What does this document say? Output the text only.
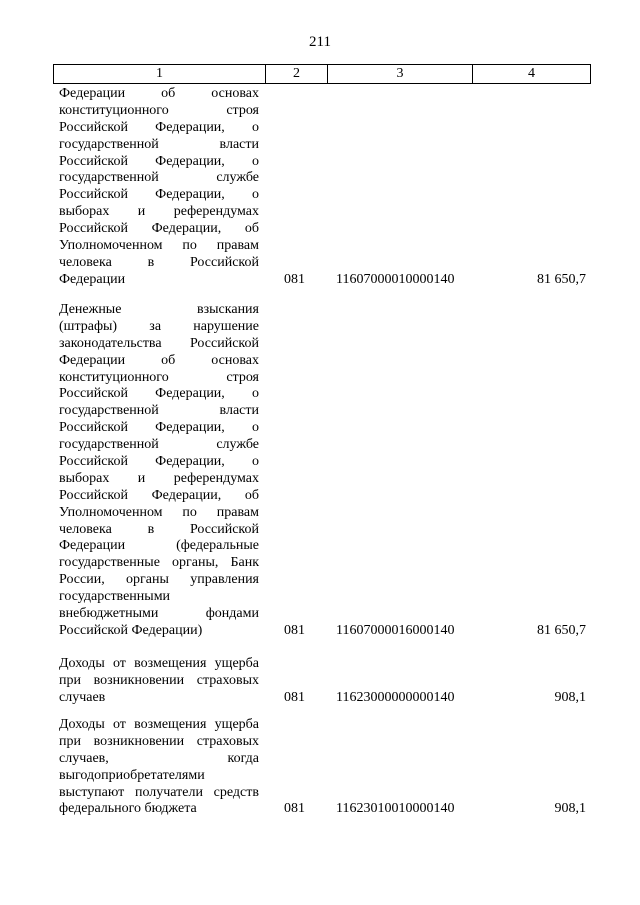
211
1	2	3	4
Федерации об основах
конституционного строя
Российской Федерации, о
государственной власти
Российской Федерации, о
государственной службе
Российской Федерации, о
выборах и референдумах
Российской Федерации, об
Уполномоченном по правам
человека в Российской
Федерации	081	11607000010000140	81 650,7
Денежные взыскания
(штрафы) за нарушение
законодательства Российской
Федерации об основах
конституционного строя
Российской Федерации, о
государственной власти
Российской Федерации, о
государственной службе
Российской Федерации, о
выборах и референдумах
Российской Федерации, об
Уполномоченном по правам
человека в Российской
Федерации (федеральные
государственные органы, Банк
России, органы управления
государственными
внебюджетными фондами
Российской Федерации)	081	11607000016000140	81 650,7
Доходы от возмещения ущерба
при возникновении страховых
случаев	081	11623000000000140	908,1
Доходы от возмещения ущерба
при возникновении страховых
случаев, когда
выгодоприобретателями
выступают получатели средств
федерального бюджета	081	11623010010000140	908,1
